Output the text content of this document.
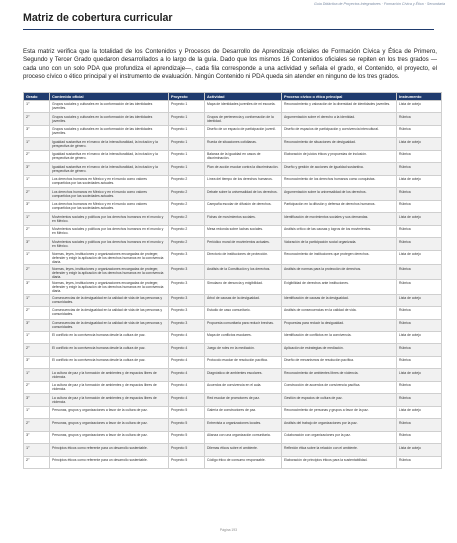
Guía Didáctica de Proyectos Integradores · Formación Cívica y Ética · Secundaria
Matriz de cobertura curricular

Esta matriz verifica que la totalidad de los Contenidos y Procesos de Desarrollo de Aprendizaje oficiales de Formación Cívica y Ética de Primero, Segundo y Tercer Grado quedaron desarrollados a lo largo de la guía. Dado que los mismos 16 Contenidos oficiales se repiten en los tres grados —cada uno con un solo PDA que profundiza el aprendizaje—, cada fila corresponde a una actividad y señala el grado, el Contenido, el proyecto, el proceso cívico o ético principal y el instrumento de evaluación. Ningún Contenido ni PDA queda sin atender en ninguno de los tres grados.

Grado	Contenido oficial	Proyecto	Actividad	Proceso cívico o ético principal	Instrumento
1°	Grupos sociales y culturales en la conformación de las identidades juveniles.	Proyecto 1	Mapa de identidades juveniles de mi escuela.	Reconocimiento y valoración de la diversidad de identidades juveniles.	Lista de cotejo
2°	Grupos sociales y culturales en la conformación de las identidades juveniles.	Proyecto 1	Grupos de pertenencia y conformación de la identidad.	Argumentación sobre el derecho a la identidad.	Rúbrica
3°	Grupos sociales y culturales en la conformación de las identidades juveniles.	Proyecto 1	Diseño de un espacio de participación juvenil.	Diseño de espacios de participación y convivencia intercultural.	Rúbrica
1°	Igualdad sustantiva en el marco de la interculturalidad, la inclusión y la perspectiva de género.	Proyecto 1	Rueda de situaciones cotidianas.	Reconocimiento de situaciones de desigualdad.	Lista de cotejo
2°	Igualdad sustantiva en el marco de la interculturalidad, la inclusión y la perspectiva de género.	Proyecto 1	Balanza de la igualdad en casos de discriminación.	Elaboración de juicios éticos y propuestas de inclusión.	Rúbrica
3°	Igualdad sustantiva en el marco de la interculturalidad, la inclusión y la perspectiva de género.	Proyecto 1	Plan de acción escolar contra la discriminación.	Diseño y gestión de acciones de igualdad sustantiva.	Rúbrica
1°	Los derechos humanos en México y en el mundo como valores compartidos por las sociedades actuales.	Proyecto 2	Línea del tiempo de los derechos humanos.	Reconocimiento de los derechos humanos como conquistas.	Lista de cotejo
2°	Los derechos humanos en México y en el mundo como valores compartidos por las sociedades actuales.	Proyecto 2	Debate sobre la universalidad de los derechos.	Argumentación sobre la universalidad de los derechos.	Rúbrica
3°	Los derechos humanos en México y en el mundo como valores compartidos por las sociedades actuales.	Proyecto 2	Campaña escolar de difusión de derechos.	Participación en la difusión y defensa de derechos humanos.	Rúbrica
1°	Movimientos sociales y políticos por los derechos humanos en el mundo y en México.	Proyecto 2	Fichas de movimientos sociales.	Identificación de movimientos sociales y sus demandas.	Lista de cotejo
2°	Movimientos sociales y políticos por los derechos humanos en el mundo y en México.	Proyecto 2	Mesa redonda sobre luchas sociales.	Análisis crítico de las causas y logros de los movimientos.	Rúbrica
3°	Movimientos sociales y políticos por los derechos humanos en el mundo y en México.	Proyecto 2	Periódico mural de movimientos actuales.	Valoración de la participación social organizada.	Rúbrica
1°	Normas, leyes, instituciones y organizaciones encargadas de proteger, defender y exigir la aplicación de los derechos humanos en la convivencia diaria.	Proyecto 3	Directorio de instituciones de protección.	Reconocimiento de instituciones que protegen derechos.	Lista de cotejo
2°	Normas, leyes, instituciones y organizaciones encargadas de proteger, defender y exigir la aplicación de los derechos humanos en la convivencia diaria.	Proyecto 3	Análisis de la Constitución y los derechos.	Análisis de normas para la protección de derechos.	Rúbrica
3°	Normas, leyes, instituciones y organizaciones encargadas de proteger, defender y exigir la aplicación de los derechos humanos en la convivencia diaria.	Proyecto 3	Simulacro de denuncia y exigibilidad.	Exigibilidad de derechos ante instituciones.	Rúbrica
1°	Consecuencias de la desigualdad en la calidad de vida de las personas y comunidades.	Proyecto 3	Árbol de causas de la desigualdad.	Identificación de causas de la desigualdad.	Lista de cotejo
2°	Consecuencias de la desigualdad en la calidad de vida de las personas y comunidades.	Proyecto 3	Estudio de caso comunitario.	Análisis de consecuencias en la calidad de vida.	Rúbrica
3°	Consecuencias de la desigualdad en la calidad de vida de las personas y comunidades.	Proyecto 3	Propuesta comunitaria para reducir brechas.	Propuestas para reducir la desigualdad.	Rúbrica
1°	El conflicto en la convivencia humana desde la cultura de paz.	Proyecto 4	Mapa de conflictos escolares.	Identificación de conflictos en la convivencia.	Lista de cotejo
2°	El conflicto en la convivencia humana desde la cultura de paz.	Proyecto 4	Juego de roles en la mediación.	Aplicación de estrategias de mediación.	Rúbrica
3°	El conflicto en la convivencia humana desde la cultura de paz.	Proyecto 4	Protocolo escolar de resolución pacífica.	Diseño de mecanismos de resolución pacífica.	Rúbrica
1°	La cultura de paz y la formación de ambientes y de espacios libres de violencia.	Proyecto 4	Diagnóstico de ambientes escolares.	Reconocimiento de ambientes libres de violencia.	Lista de cotejo
2°	La cultura de paz y la formación de ambientes y de espacios libres de violencia.	Proyecto 4	Acuerdos de convivencia en el aula.	Construcción de acuerdos de convivencia pacífica.	Rúbrica
3°	La cultura de paz y la formación de ambientes y de espacios libres de violencia.	Proyecto 4	Red escolar de promotores de paz.	Gestión de espacios de cultura de paz.	Rúbrica
1°	Personas, grupos y organizaciones a favor de la cultura de paz.	Proyecto 5	Galería de constructores de paz.	Reconocimiento de personas y grupos a favor de la paz.	Lista de cotejo
2°	Personas, grupos y organizaciones a favor de la cultura de paz.	Proyecto 5	Entrevista a organizaciones locales.	Análisis del trabajo de organizaciones por la paz.	Rúbrica
3°	Personas, grupos y organizaciones a favor de la cultura de paz.	Proyecto 5	Alianza con una organización comunitaria.	Colaboración con organizaciones por la paz.	Rúbrica
1°	Principios éticos como referente para un desarrollo sustentable.	Proyecto 5	Dilemas éticos sobre el ambiente.	Reflexión ética sobre la relación con el ambiente.	Lista de cotejo
2°	Principios éticos como referente para un desarrollo sustentable.	Proyecto 5	Código ético de consumo responsable.	Elaboración de principios éticos para la sustentabilidad.	Rúbrica
Página 193
